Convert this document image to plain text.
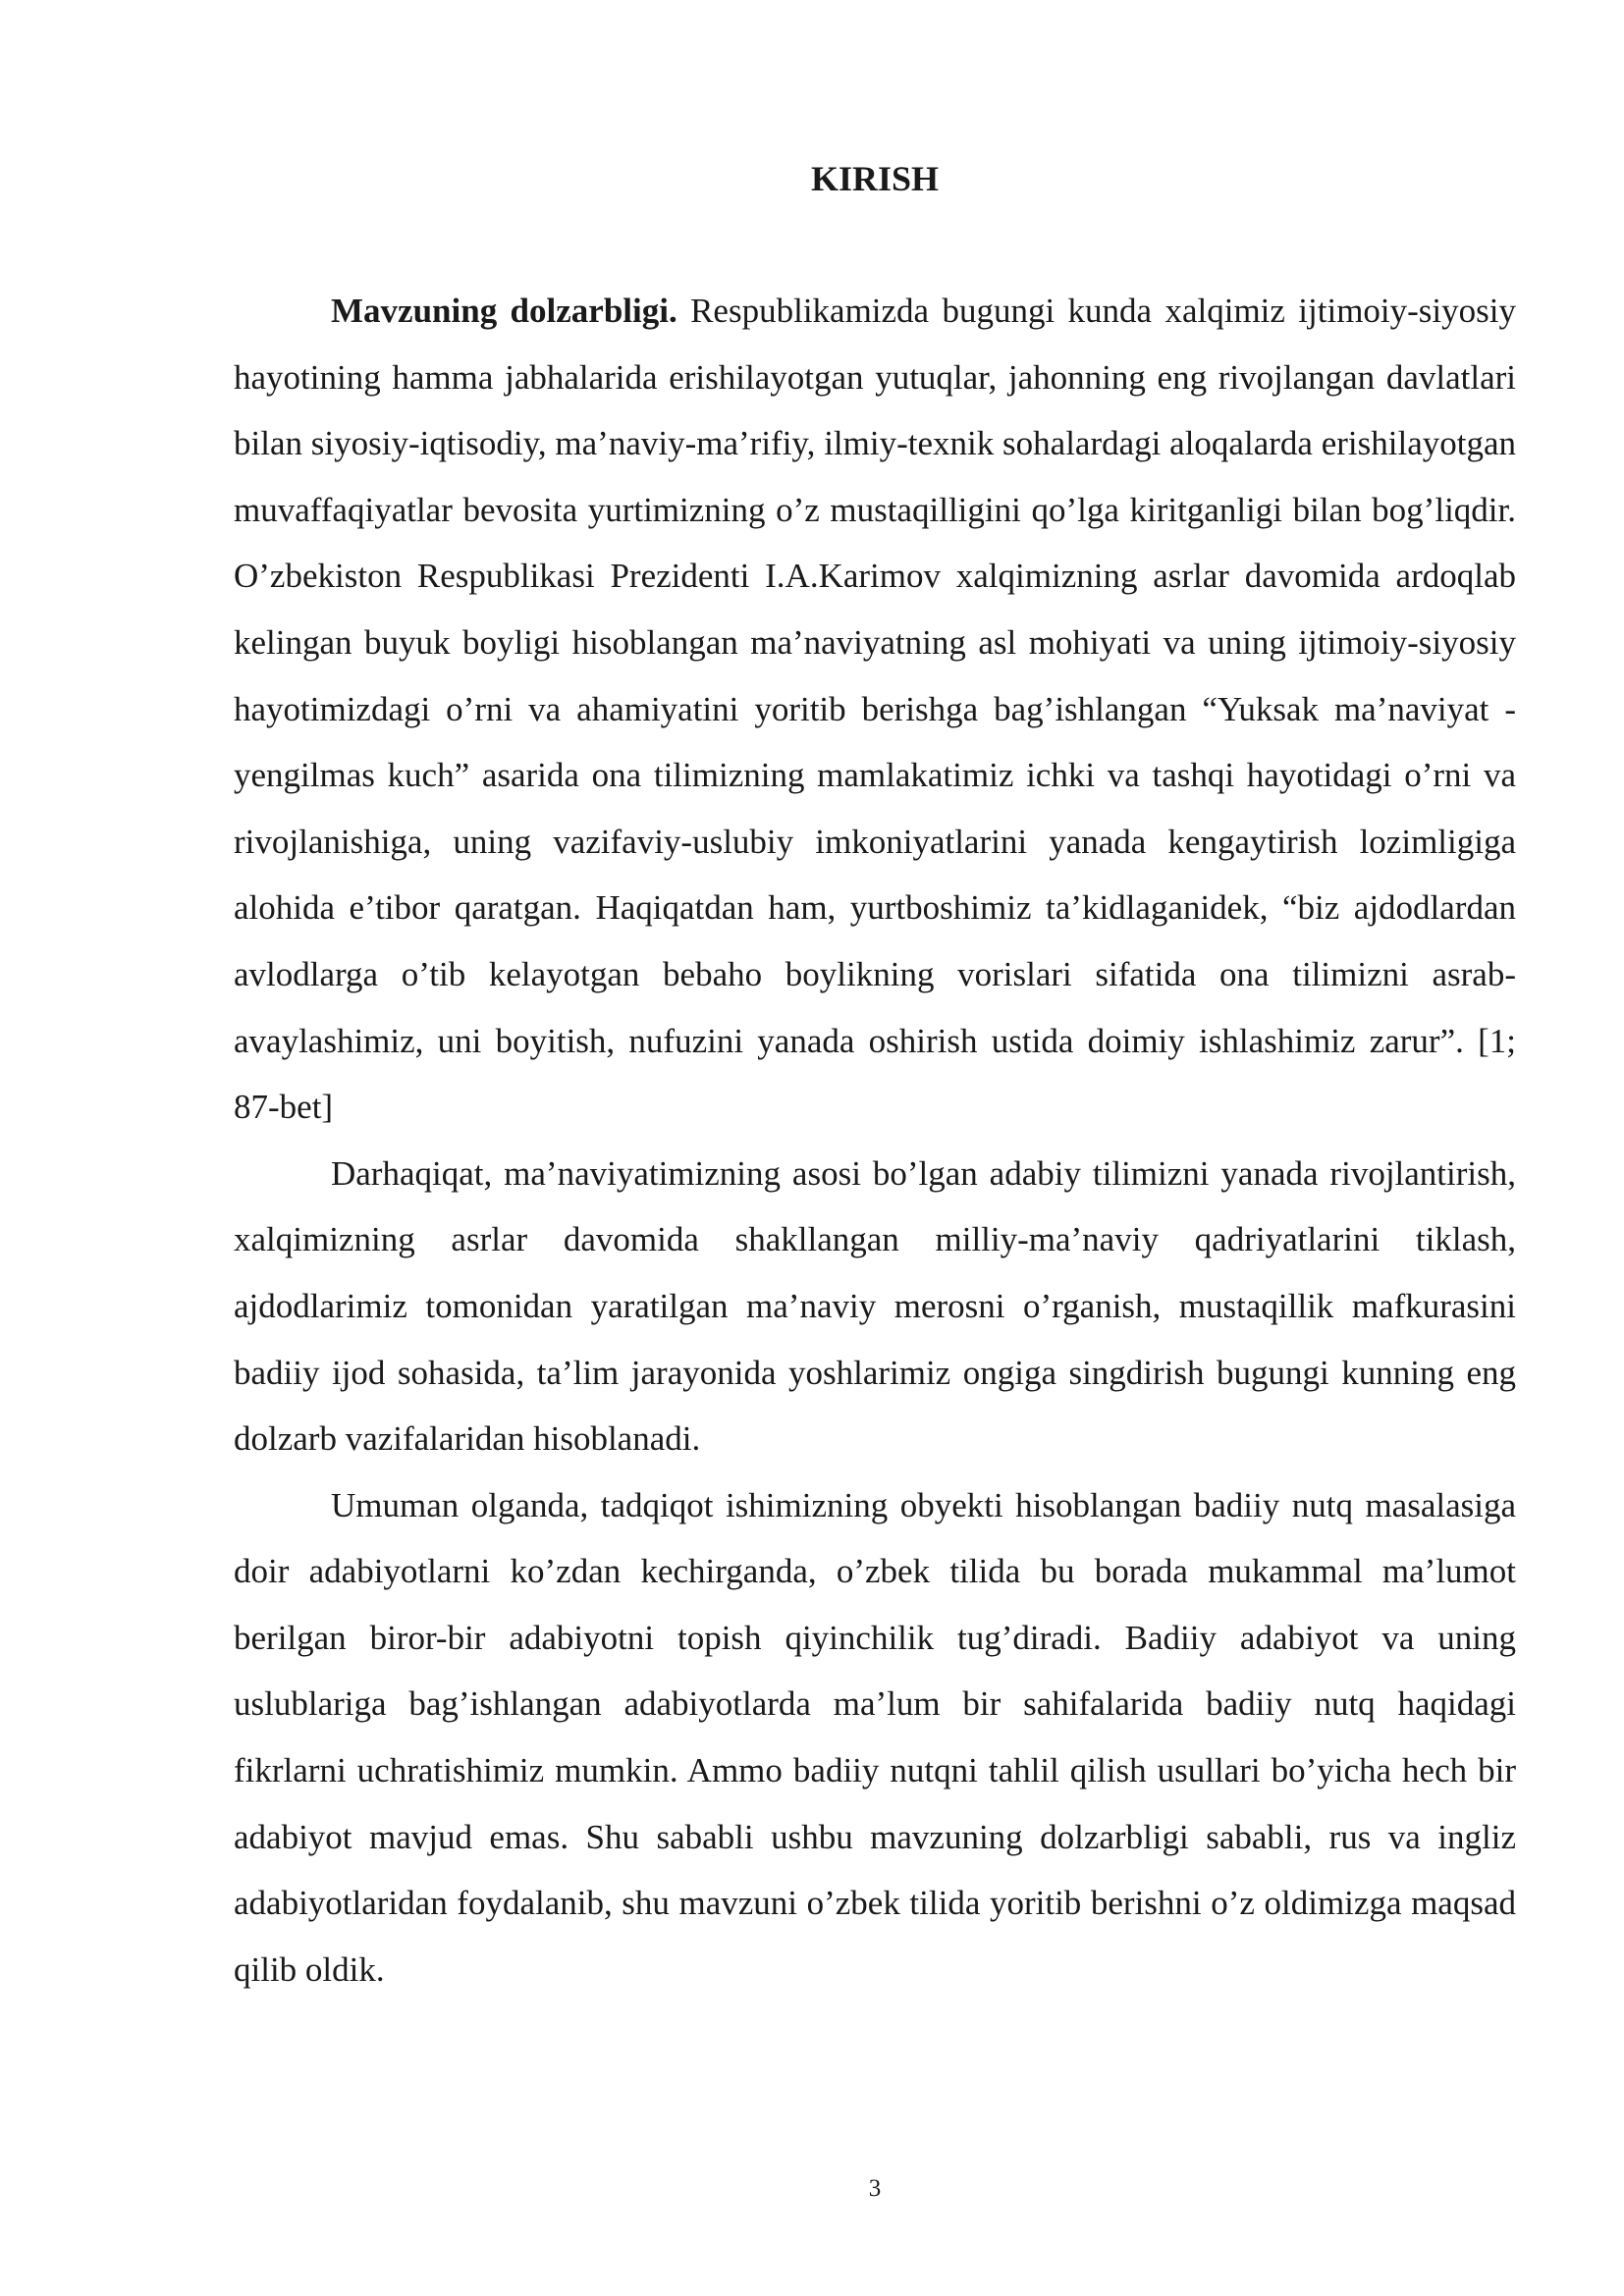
KIRISH

Mavzuning dolzarbligi. Respublikamizda bugungi kunda xalqimiz ijtimoiy-siyosiy hayotining hamma jabhalarida erishilayotgan yutuqlar, jahonning eng rivojlangan davlatlari bilan siyosiy-iqtisodiy, ma’naviy-ma’rifiy, ilmiy-texnik sohalardagi aloqalarda erishilayotgan muvaffaqiyatlar bevosita yurtimizning o’z mustaqilligini qo’lga kiritganligi bilan bog’liqdir. O’zbekiston Respublikasi Prezidenti I.A.Karimov xalqimizning asrlar davomida ardoqlab kelingan buyuk boyligi hisoblangan ma’naviyatning asl mohiyati va uning ijtimoiy-siyosiy hayotimizdagi o’rni va ahamiyatini yoritib berishga bag’ishlangan “Yuksak ma’naviyat - yengilmas kuch” asarida ona tilimizning mamlakatimiz ichki va tashqi hayotidagi o’rni va rivojlanishiga, uning vazifaviy-uslubiy imkoniyatlarini yanada kengaytirish lozimligiga alohida e’tibor qaratgan. Haqiqatdan ham, yurtboshimiz ta’kidlaganidek, “biz ajdodlardan avlodlarga o’tib kelayotgan bebaho boylikning vorislari sifatida ona tilimizni asrab-avaylashimiz, uni boyitish, nufuzini yanada oshirish ustida doimiy ishlashimiz zarur”. [1; 87-bet]

Darhaqiqat, ma’naviyatimizning asosi bo’lgan adabiy tilimizni yanada rivojlantirish, xalqimizning asrlar davomida shakllangan milliy-ma’naviy qadriyatlarini tiklash, ajdodlarimiz tomonidan yaratilgan ma’naviy merosni o’rganish, mustaqillik mafkurasini badiiy ijod sohasida, ta’lim jarayonida yoshlarimiz ongiga singdirish bugungi kunning eng dolzarb vazifalaridan hisoblanadi.

Umuman olganda, tadqiqot ishimizning obyekti hisoblangan badiiy nutq masalasiga doir adabiyotlarni ko’zdan kechirganda, o’zbek tilida bu borada mukammal ma’lumot berilgan biror-bir adabiyotni topish qiyinchilik tug’diradi. Badiiy adabiyot va uning uslublariga bag’ishlangan adabiyotlarda ma’lum bir sahifalarida badiiy nutq haqidagi fikrlarni uchratishimiz mumkin. Ammo badiiy nutqni tahlil qilish usullari bo’yicha hech bir adabiyot mavjud emas. Shu sababli ushbu mavzuning dolzarbligi sababli, rus va ingliz adabiyotlaridan foydalanib, shu mavzuni o’zbek tilida yoritib berishni o’z oldimizga maqsad qilib oldik.

3
